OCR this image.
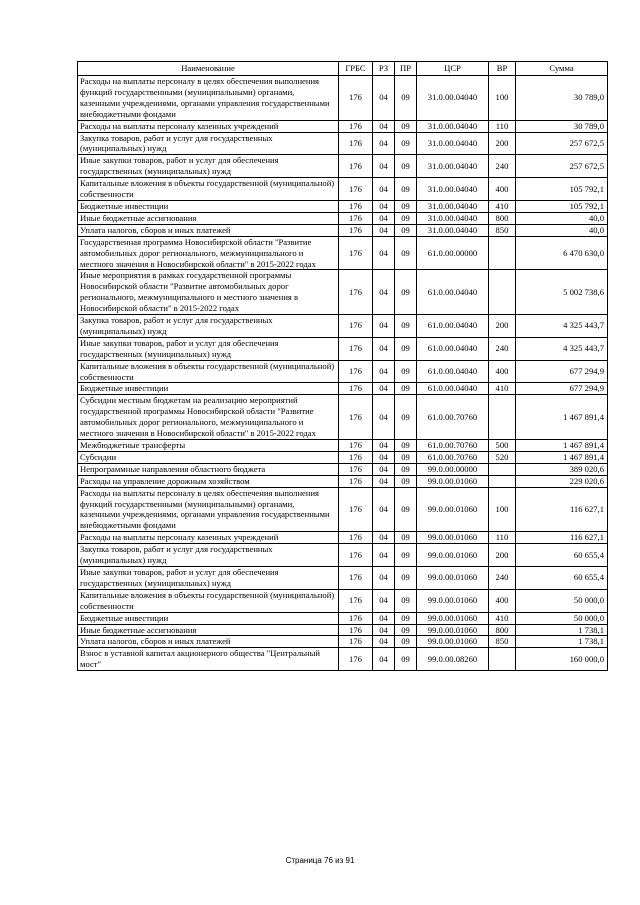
Наименование	ГРБС	РЗ	ПР	ЦСР	ВР	Сумма
Расходы на выплаты персоналу в целях обеспечения выполнения функций государственными (муниципальными) органами, казенными учреждениями, органами управления государственными внебюджетными фондами	176	04	09	31.0.00.04040	100	30 789,0
Расходы на выплаты персоналу казенных учреждений	176	04	09	31.0.00.04040	110	30 789,0
Закупка товаров, работ и услуг для государственных (муниципальных) нужд	176	04	09	31.0.00.04040	200	257 672,5
Иные закупки товаров, работ и услуг для обеспечения государственных (муниципальных) нужд	176	04	09	31.0.00.04040	240	257 672,5
Капитальные вложения в объекты государственной (муниципальной) собственности	176	04	09	31.0.00.04040	400	105 792,1
Бюджетные инвестиции	176	04	09	31.0.00.04040	410	105 792,1
Иные бюджетные ассигнования	176	04	09	31.0.00.04040	800	40,0
Уплата налогов, сборов и иных платежей	176	04	09	31.0.00.04040	850	40,0
Государственная программа Новосибирской области "Развитие автомобильных дорог регионального, межмуниципального и местного значения в Новосибирской области" в 2015-2022 годах	176	04	09	61.0.00.00000		6 470 630,0
Иные мероприятия в рамках государственной программы Новосибирской области "Развитие автомобильных дорог регионального, межмуниципального и местного значения в Новосибирской области" в 2015-2022 годах	176	04	09	61.0.00.04040		5 002 738,6
Закупка товаров, работ и услуг для государственных (муниципальных) нужд	176	04	09	61.0.00.04040	200	4 325 443,7
Иные закупки товаров, работ и услуг для обеспечения государственных (муниципальных) нужд	176	04	09	61.0.00.04040	240	4 325 443,7
Капитальные вложения в объекты государственной (муниципальной) собственности	176	04	09	61.0.00.04040	400	677 294,9
Бюджетные инвестиции	176	04	09	61.0.00.04040	410	677 294,9
Субсидии местным бюджетам на реализацию мероприятий государственной программы Новосибирской области "Развитие автомобильных дорог регионального, межмуниципального и местного значения в Новосибирской области" в 2015-2022 годах	176	04	09	61.0.00.70760		1 467 891,4
Межбюджетные трансферты	176	04	09	61.0.00.70760	500	1 467 891,4
Субсидии	176	04	09	61.0.00.70760	520	1 467 891,4
Непрограммные направления областного бюджета	176	04	09	99.0.00.00000		389 020,6
Расходы на управление дорожным хозяйством	176	04	09	99.0.00.01060		229 020,6
Расходы на выплаты персоналу в целях обеспечения выполнения функций государственными (муниципальными) органами, казенными учреждениями, органами управления государственными внебюджетными фондами	176	04	09	99.0.00.01060	100	116 627,1
Расходы на выплаты персоналу казенных учреждений	176	04	09	99.0.00.01060	110	116 627,1
Закупка товаров, работ и услуг для государственных (муниципальных) нужд	176	04	09	99.0.00.01060	200	60 655,4
Иные закупки товаров, работ и услуг для обеспечения государственных (муниципальных) нужд	176	04	09	99.0.00.01060	240	60 655,4
Капитальные вложения в объекты государственной (муниципальной) собственности	176	04	09	99.0.00.01060	400	50 000,0
Бюджетные инвестиции	176	04	09	99.0.00.01060	410	50 000,0
Иные бюджетные ассигнования	176	04	09	99.0.00.01060	800	1 738,1
Уплата налогов, сборов и иных платежей	176	04	09	99.0.00.01060	850	1 738,1
Взнос в уставной капитал акционерного общества "Центральный мост"	176	04	09	99.0.00.08260		160 000,0
Страница 76 из 91
